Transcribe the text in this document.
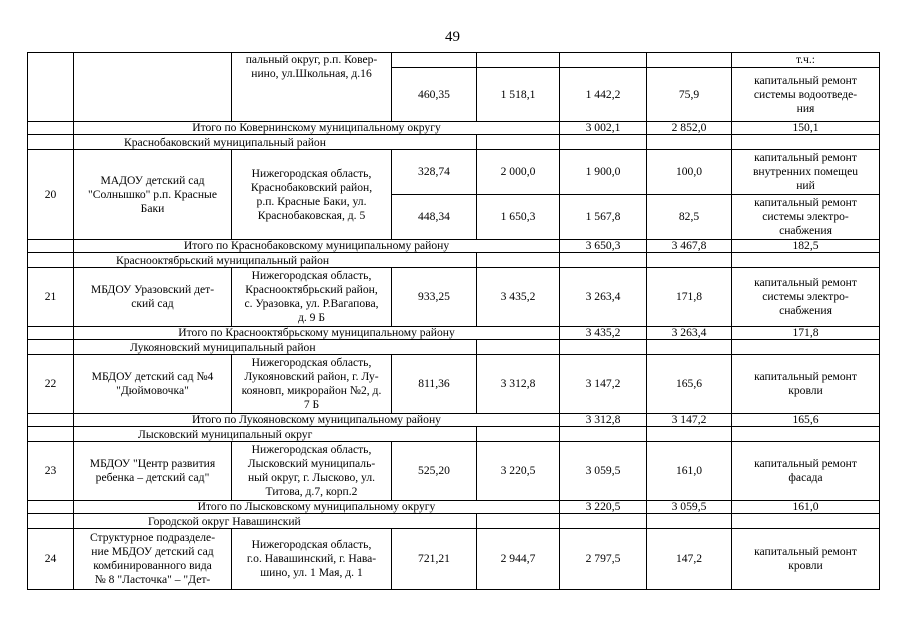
49
		пальный округ, р.п. Ковер-
нино, ул.Школьная, д.16					т.ч.:	
			460,35	1 518,1	1 442,2	75,9	капитальный ремонт
системы водоотведе-
ния	
	Итого по Ковернинскому муниципальному округу				3 002,1	2 852,0	150,1	
	Краснобаковский муниципальный район							
20	МАДОУ детский сад
"Солнышко" р.п. Красные
Баки	Нижегородская область,
Краснобаковский район,
р.п. Красные Баки, ул.
Краснобаковская, д. 5	328,74	2 000,0	1 900,0	100,0	капитальный ремонт
внутренних помещеu
ний	
			448,34	1 650,3	1 567,8	82,5	капитальный ремонт
системы электро-
снабжения	
	Итого по Краснобаковскому муниципальному району				3 650,3	3 467,8	182,5	
	Краснооктябрьский муниципальный район							
21	МБДОУ Уразовский дет-
ский сад	Нижегородская область,
Краснооктябрьский район,
с. Уразовка, ул. Р.Вагапова,
д. 9 Б	933,25	3 435,2	3 263,4	171,8	капитальный ремонт
системы электро-
снабжения	
	Итого по Краснооктябрьскому муниципальному району				3 435,2	3 263,4	171,8	
	Лукояновский муниципальный район							
22	МБДОУ детский сад №4
"Дюймовочка"	Нижегородская область,
Лукояновский район, г. Лу-
кояновп, микрорайон №2, д.
7 Б	811,36	3 312,8	3 147,2	165,6	капитальный ремонт
кровли	
	Итого по Лукояновскому муниципальному району				3 312,8	3 147,2	165,6	
	Лысковский муниципальный округ							
23	МБДОУ "Центр развития
ребенка – детский сад"	Нижегородская область,
Лысковский муниципаль-
ный округ, г. Лысково, ул.
Титова, д.7, корп.2	525,20	3 220,5	3 059,5	161,0	капитальный ремонт
фасада	
	Итого по Лысковскому муниципальному округу				3 220,5	3 059,5	161,0	
	Городской округ Навашинский							
24	Структурное подразделе-
ние МБДОУ детский сад
комбинированного вида
№ 8 "Ласточка" – "Дет-	Нижегородская область,
г.о. Навашинский, г. Нава-
шино, ул. 1 Мая, д. 1	721,21	2 944,7	2 797,5	147,2	капитальный ремонт
кровли	
